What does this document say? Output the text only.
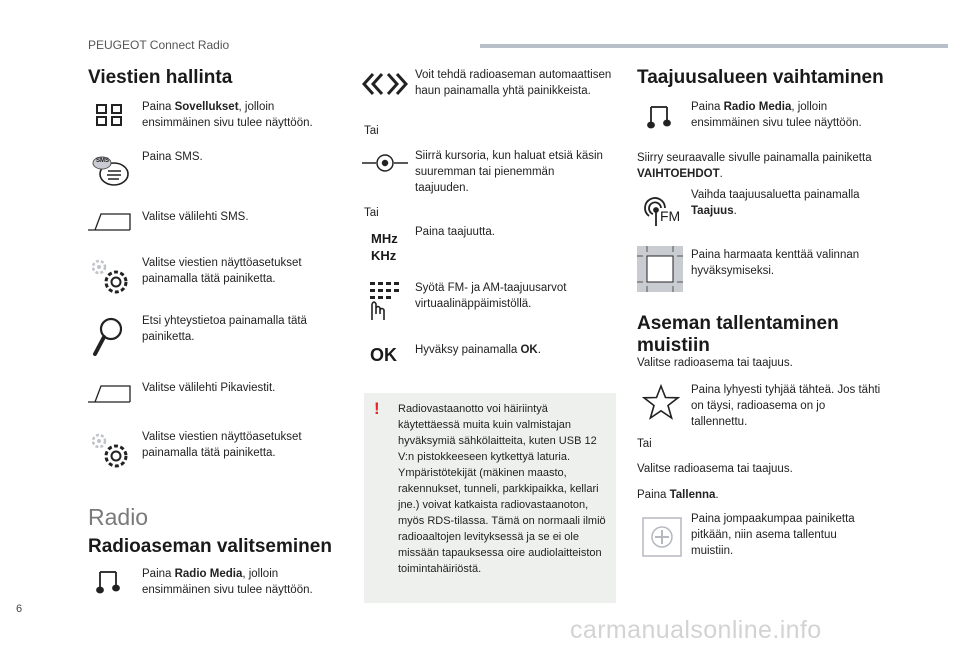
PEUGEOT Connect Radio
Viestien hallinta
Paina Sovellukset, jolloin ensimmäinen sivu tulee näyttöön.
SMS	Paina SMS.
Valitse välilehti SMS.
Valitse viestien näyttöasetukset painamalla tätä painiketta.
Etsi yhteystietoa painamalla tätä painiketta.
Valitse välilehti Pikaviestit.
Valitse viestien näyttöasetukset painamalla tätä painiketta.
Radio
Radioaseman valitseminen
Paina Radio Media, jolloin ensimmäinen sivu tulee näyttöön.
Voit tehdä radioaseman automaattisen haun painamalla yhtä painikkeista.
Tai
Siirrä kursoria, kun haluat etsiä käsin suuremman tai pienemmän taajuuden.
Tai
MHz
KHz
Paina taajuutta.
Syötä FM- ja AM-taajuusarvot virtuaalinäppäimistöllä.
OK Hyväksy painamalla OK.
! Radiovastaanotto voi häiriintyä käytettäessä muita kuin valmistajan hyväksymiä sähkölaitteita, kuten USB 12 V:n pistokkeeseen kytkettyä laturia. Ympäristötekijät (mäkinen maasto, rakennukset, tunneli, parkkipaikka, kellari jne.) voivat katkaista radiovastaanoton, myös RDS-tilassa. Tämä on normaali ilmiö radioaaltojen levityksessä ja se ei ole missään tapauksessa oire audiolaitteiston toimintahäiriöstä.
Taajuusalueen vaihtaminen
Paina Radio Media, jolloin ensimmäinen sivu tulee näyttöön.
Siirry seuraavalle sivulle painamalla painiketta VAIHTOEHDOT.
FM
Vaihda taajuusaluetta painamalla Taajuus.
Paina harmaata kenttää valinnan hyväksymiseksi.
Aseman tallentaminen muistiin
Valitse radioasema tai taajuus.
Paina lyhyesti tyhjää tähteä. Jos tähti on täysi, radioasema on jo tallennettu.
Tai
Valitse radioasema tai taajuus.
Paina Tallenna.
Paina jompaakumpaa painiketta pitkään, niin asema tallentuu muistiin.
6
carmanualsonline.info
